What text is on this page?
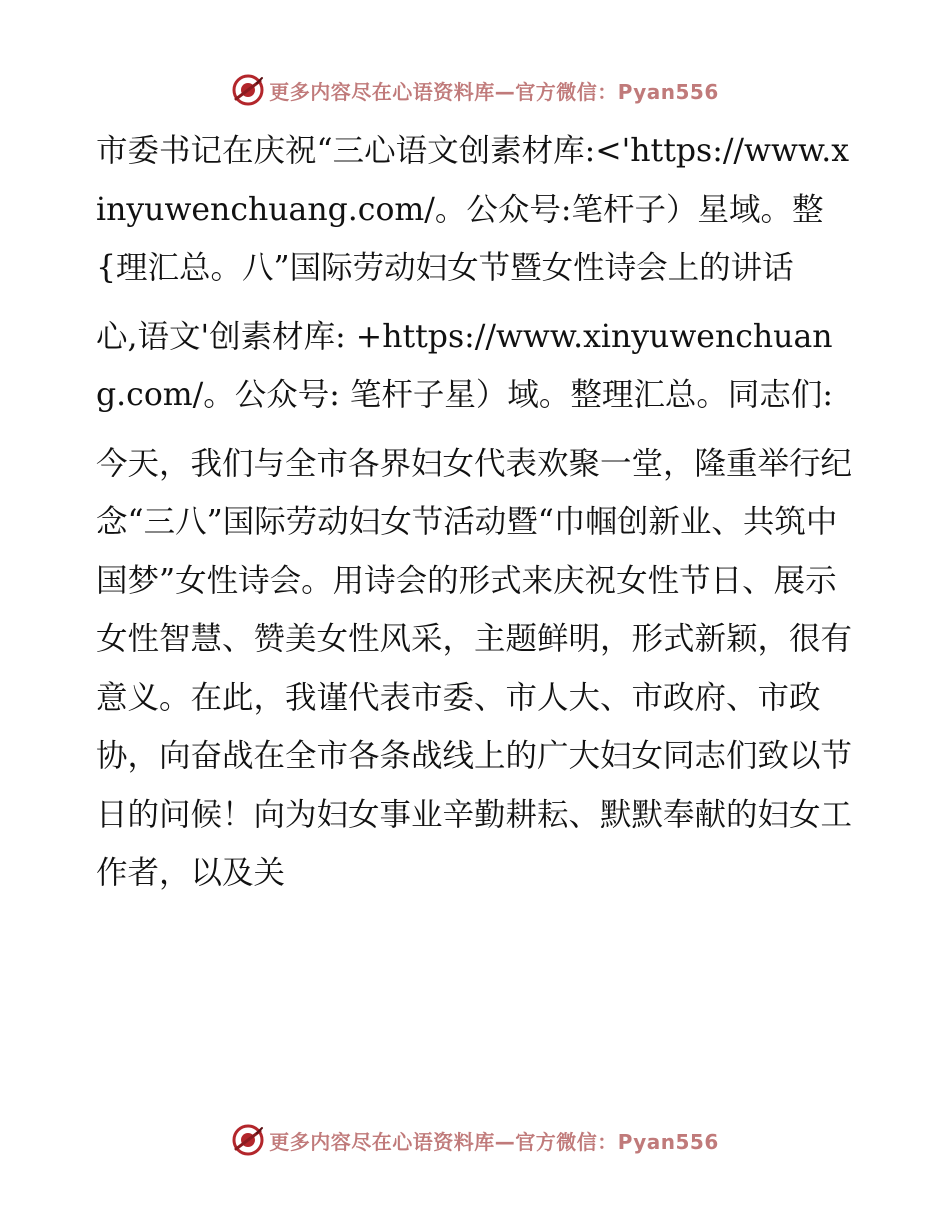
更多内容尽在心语资料库—官方微信：Pyan556

市委书记在庆祝“三心语文创素材库:<'https://www.xinyuwenchuang.com/。公众号:笔杆子）星域。整{理汇总。八”国际劳动妇女节暨女性诗会上的讲话

心,语文'创素材库: +https://www.xinyuwenchuang.com/。公众号: 笔杆子星）域。整理汇总。同志们:

今天，我们与全市各界妇女代表欢聚一堂，隆重举行纪念“三八”国际劳动妇女节活动暨“巾帼创新业、共筑中国梦”女性诗会。用诗会的形式来庆祝女性节日、展示女性智慧、赞美女性风采，主题鲜明，形式新颖，很有意义。在此，我谨代表市委、市人大、市政府、市政协，向奋战在全市各条战线上的广大妇女同志们致以节日的问候！向为妇女事业辛勤耕耘、默默奉献的妇女工作者，以及关

更多内容尽在心语资料库—官方微信：Pyan556
